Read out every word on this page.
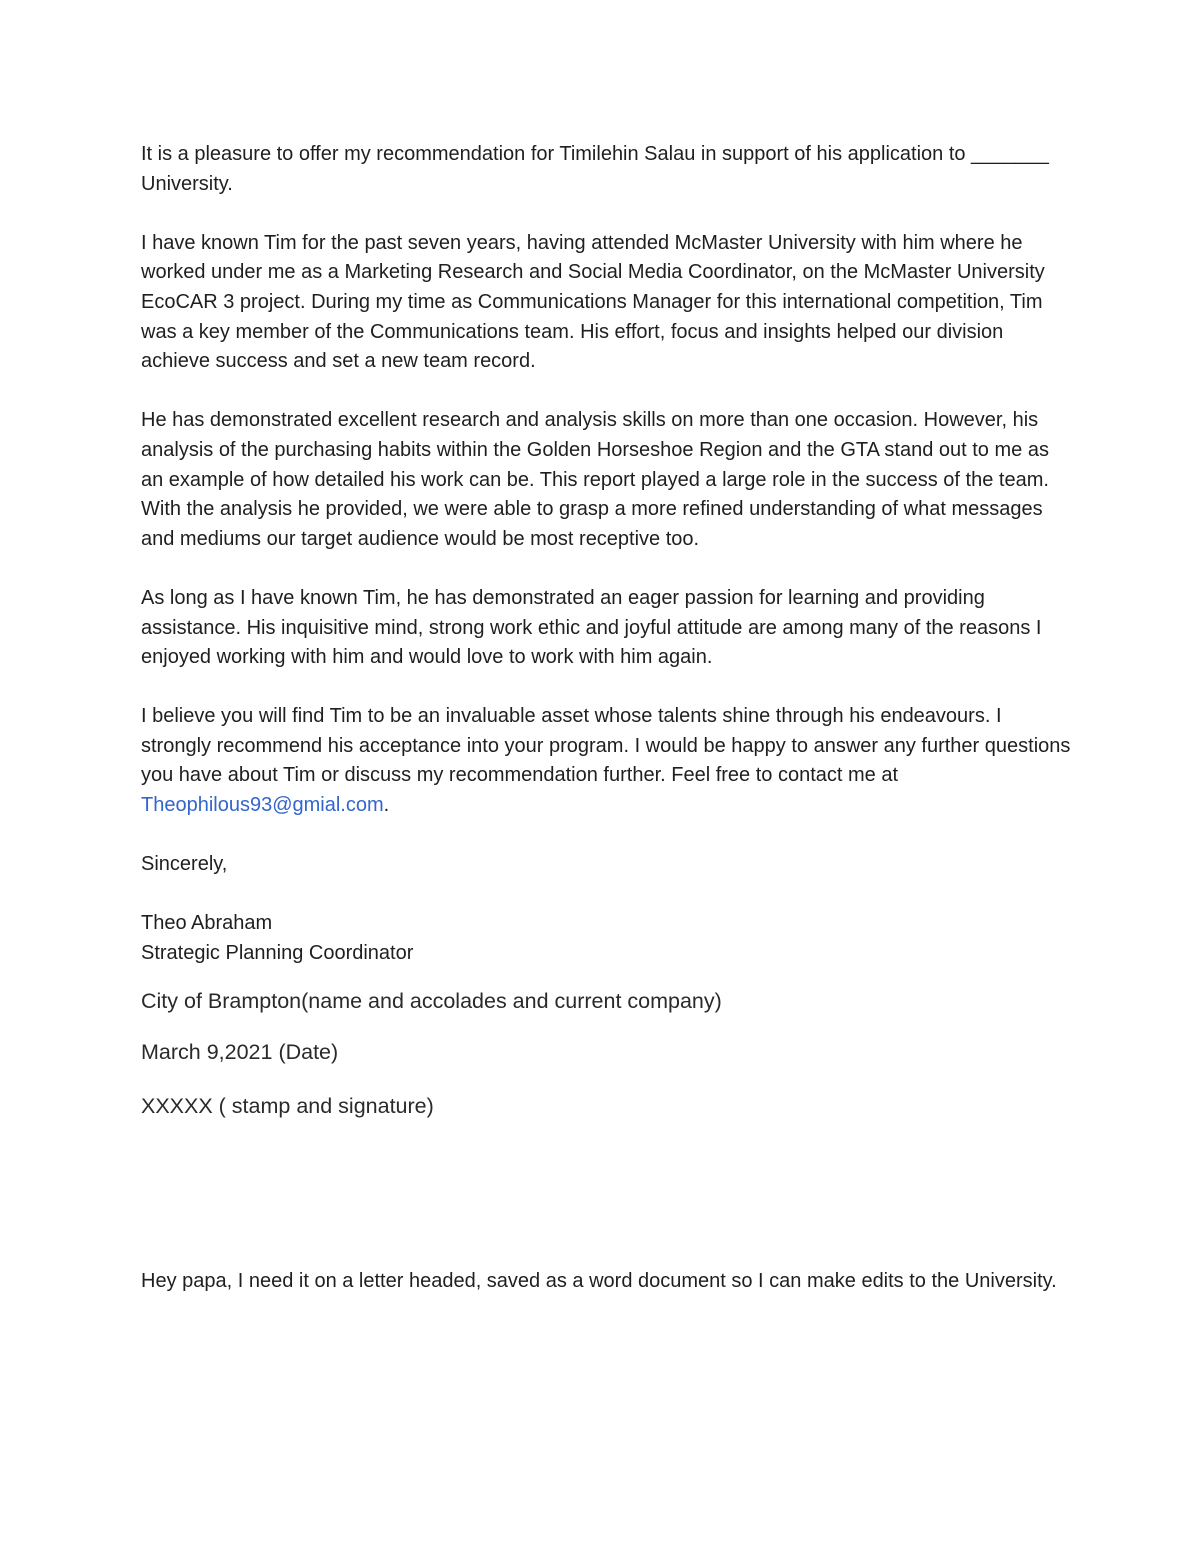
It is a pleasure to offer my recommendation for Timilehin Salau in support of his application to _______ University.

I have known Tim for the past seven years, having attended McMaster University with him where he worked under me as a Marketing Research and Social Media Coordinator, on the McMaster University EcoCAR 3 project. During my time as Communications Manager for this international competition, Tim was a key member of the Communications team. His effort, focus and insights helped our division achieve success and set a new team record.

He has demonstrated excellent research and analysis skills on more than one occasion. However, his analysis of the purchasing habits within the Golden Horseshoe Region and the GTA stand out to me as an example of how detailed his work can be. This report played a large role in the success of the team. With the analysis he provided, we were able to grasp a more refined understanding of what messages and mediums our target audience would be most receptive too.

As long as I have known Tim, he has demonstrated an eager passion for learning and providing assistance. His inquisitive mind, strong work ethic and joyful attitude are among many of the reasons I enjoyed working with him and would love to work with him again.

I believe you will find Tim to be an invaluable asset whose talents shine through his endeavours. I strongly recommend his acceptance into your program. I would be happy to answer any further questions you have about Tim or discuss my recommendation further. Feel free to contact me at Theophilous93@gmial.com.

Sincerely,

Theo Abraham
Strategic Planning Coordinator

City of Brampton(name and accolades and current company)

March 9,2021 (Date)

XXXXX ( stamp and signature)

Hey papa, I need it on a letter headed, saved as a word document so I can make edits to the University.
